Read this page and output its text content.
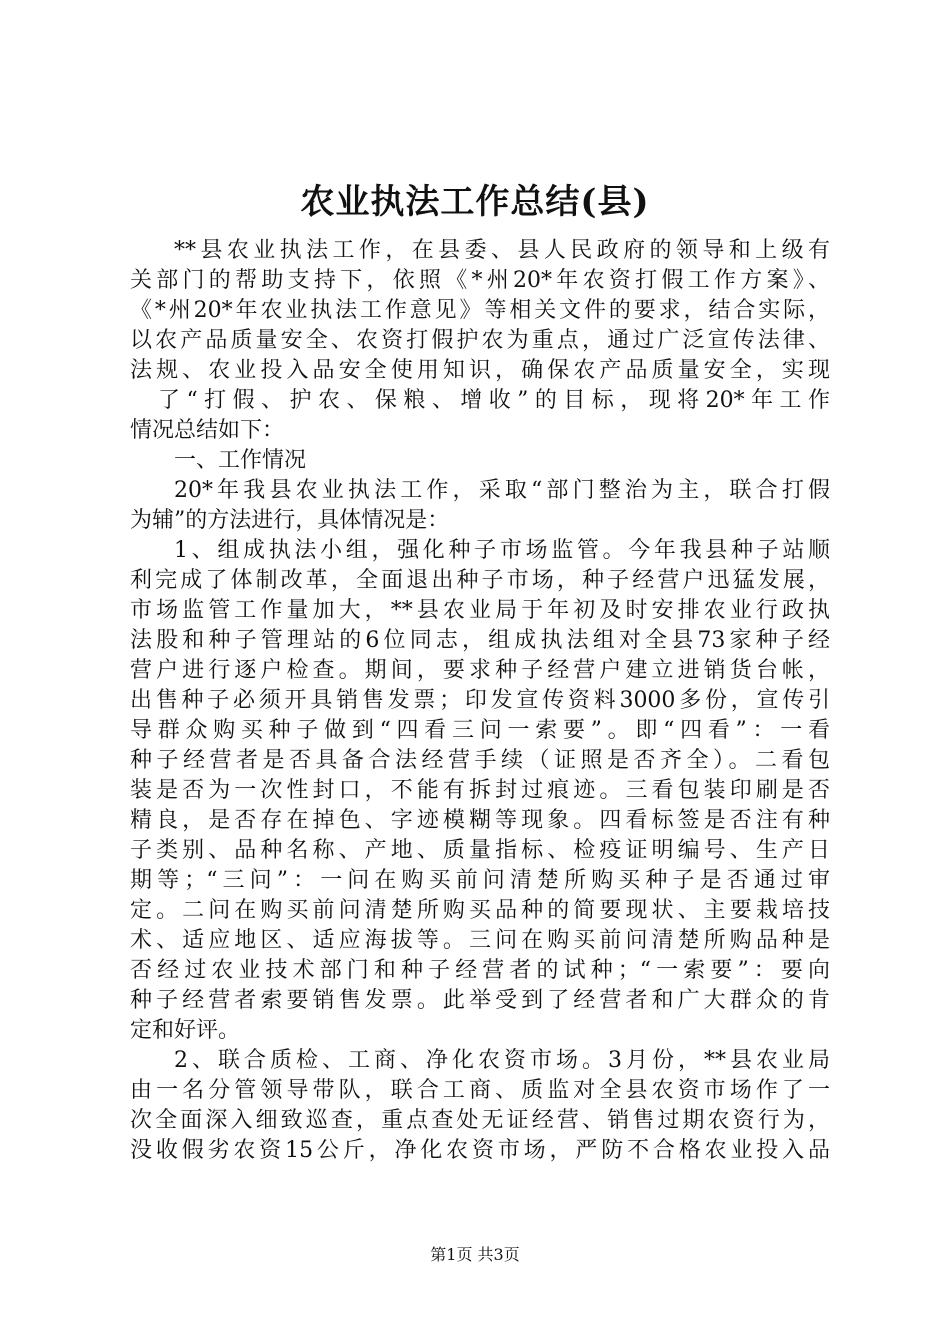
农业执法工作总结(县)
**县农业执法工作，在县委、县人民政府的领导和上级有
关部门的帮助支持下，依照《*州20*年农资打假工作方案》、
《*州20*年农业执法工作意见》等相关文件的要求，结合实际，
以农产品质量安全、农资打假护农为重点，通过广泛宣传法律、
法规、农业投入品安全使用知识，确保农产品质量安全，实现
了“打假、护农、保粮、增收”的目标，现将20*年工作
情况总结如下：
一、工作情况
20*年我县农业执法工作，采取“部门整治为主，联合打假
为辅”的方法进行，具体情况是：
1、组成执法小组，强化种子市场监管。今年我县种子站顺
利完成了体制改革，全面退出种子市场，种子经营户迅猛发展，
市场监管工作量加大，**县农业局于年初及时安排农业行政执
法股和种子管理站的6位同志，组成执法组对全县73家种子经
营户进行逐户检查。期间，要求种子经营户建立进销货台帐，
出售种子必须开具销售发票；印发宣传资料3000多份，宣传引
导群众购买种子做到“四看三问一索要”。即“四看”：一看
种子经营者是否具备合法经营手续（证照是否齐全）。二看包
装是否为一次性封口，不能有拆封过痕迹。三看包装印刷是否
精良，是否存在掉色、字迹模糊等现象。四看标签是否注有种
子类别、品种名称、产地、质量指标、检疫证明编号、生产日
期等；“三问”：一问在购买前问清楚所购买种子是否通过审
定。二问在购买前问清楚所购买品种的简要现状、主要栽培技
术、适应地区、适应海拔等。三问在购买前问清楚所购品种是
否经过农业技术部门和种子经营者的试种；“一索要”：要向
种子经营者索要销售发票。此举受到了经营者和广大群众的肯
定和好评。
2、联合质检、工商、净化农资市场。3月份，**县农业局
由一名分管领导带队，联合工商、质监对全县农资市场作了一
次全面深入细致巡查，重点查处无证经营、销售过期农资行为，
没收假劣农资15公斤，净化农资市场，严防不合格农业投入品
第1页 共3页
